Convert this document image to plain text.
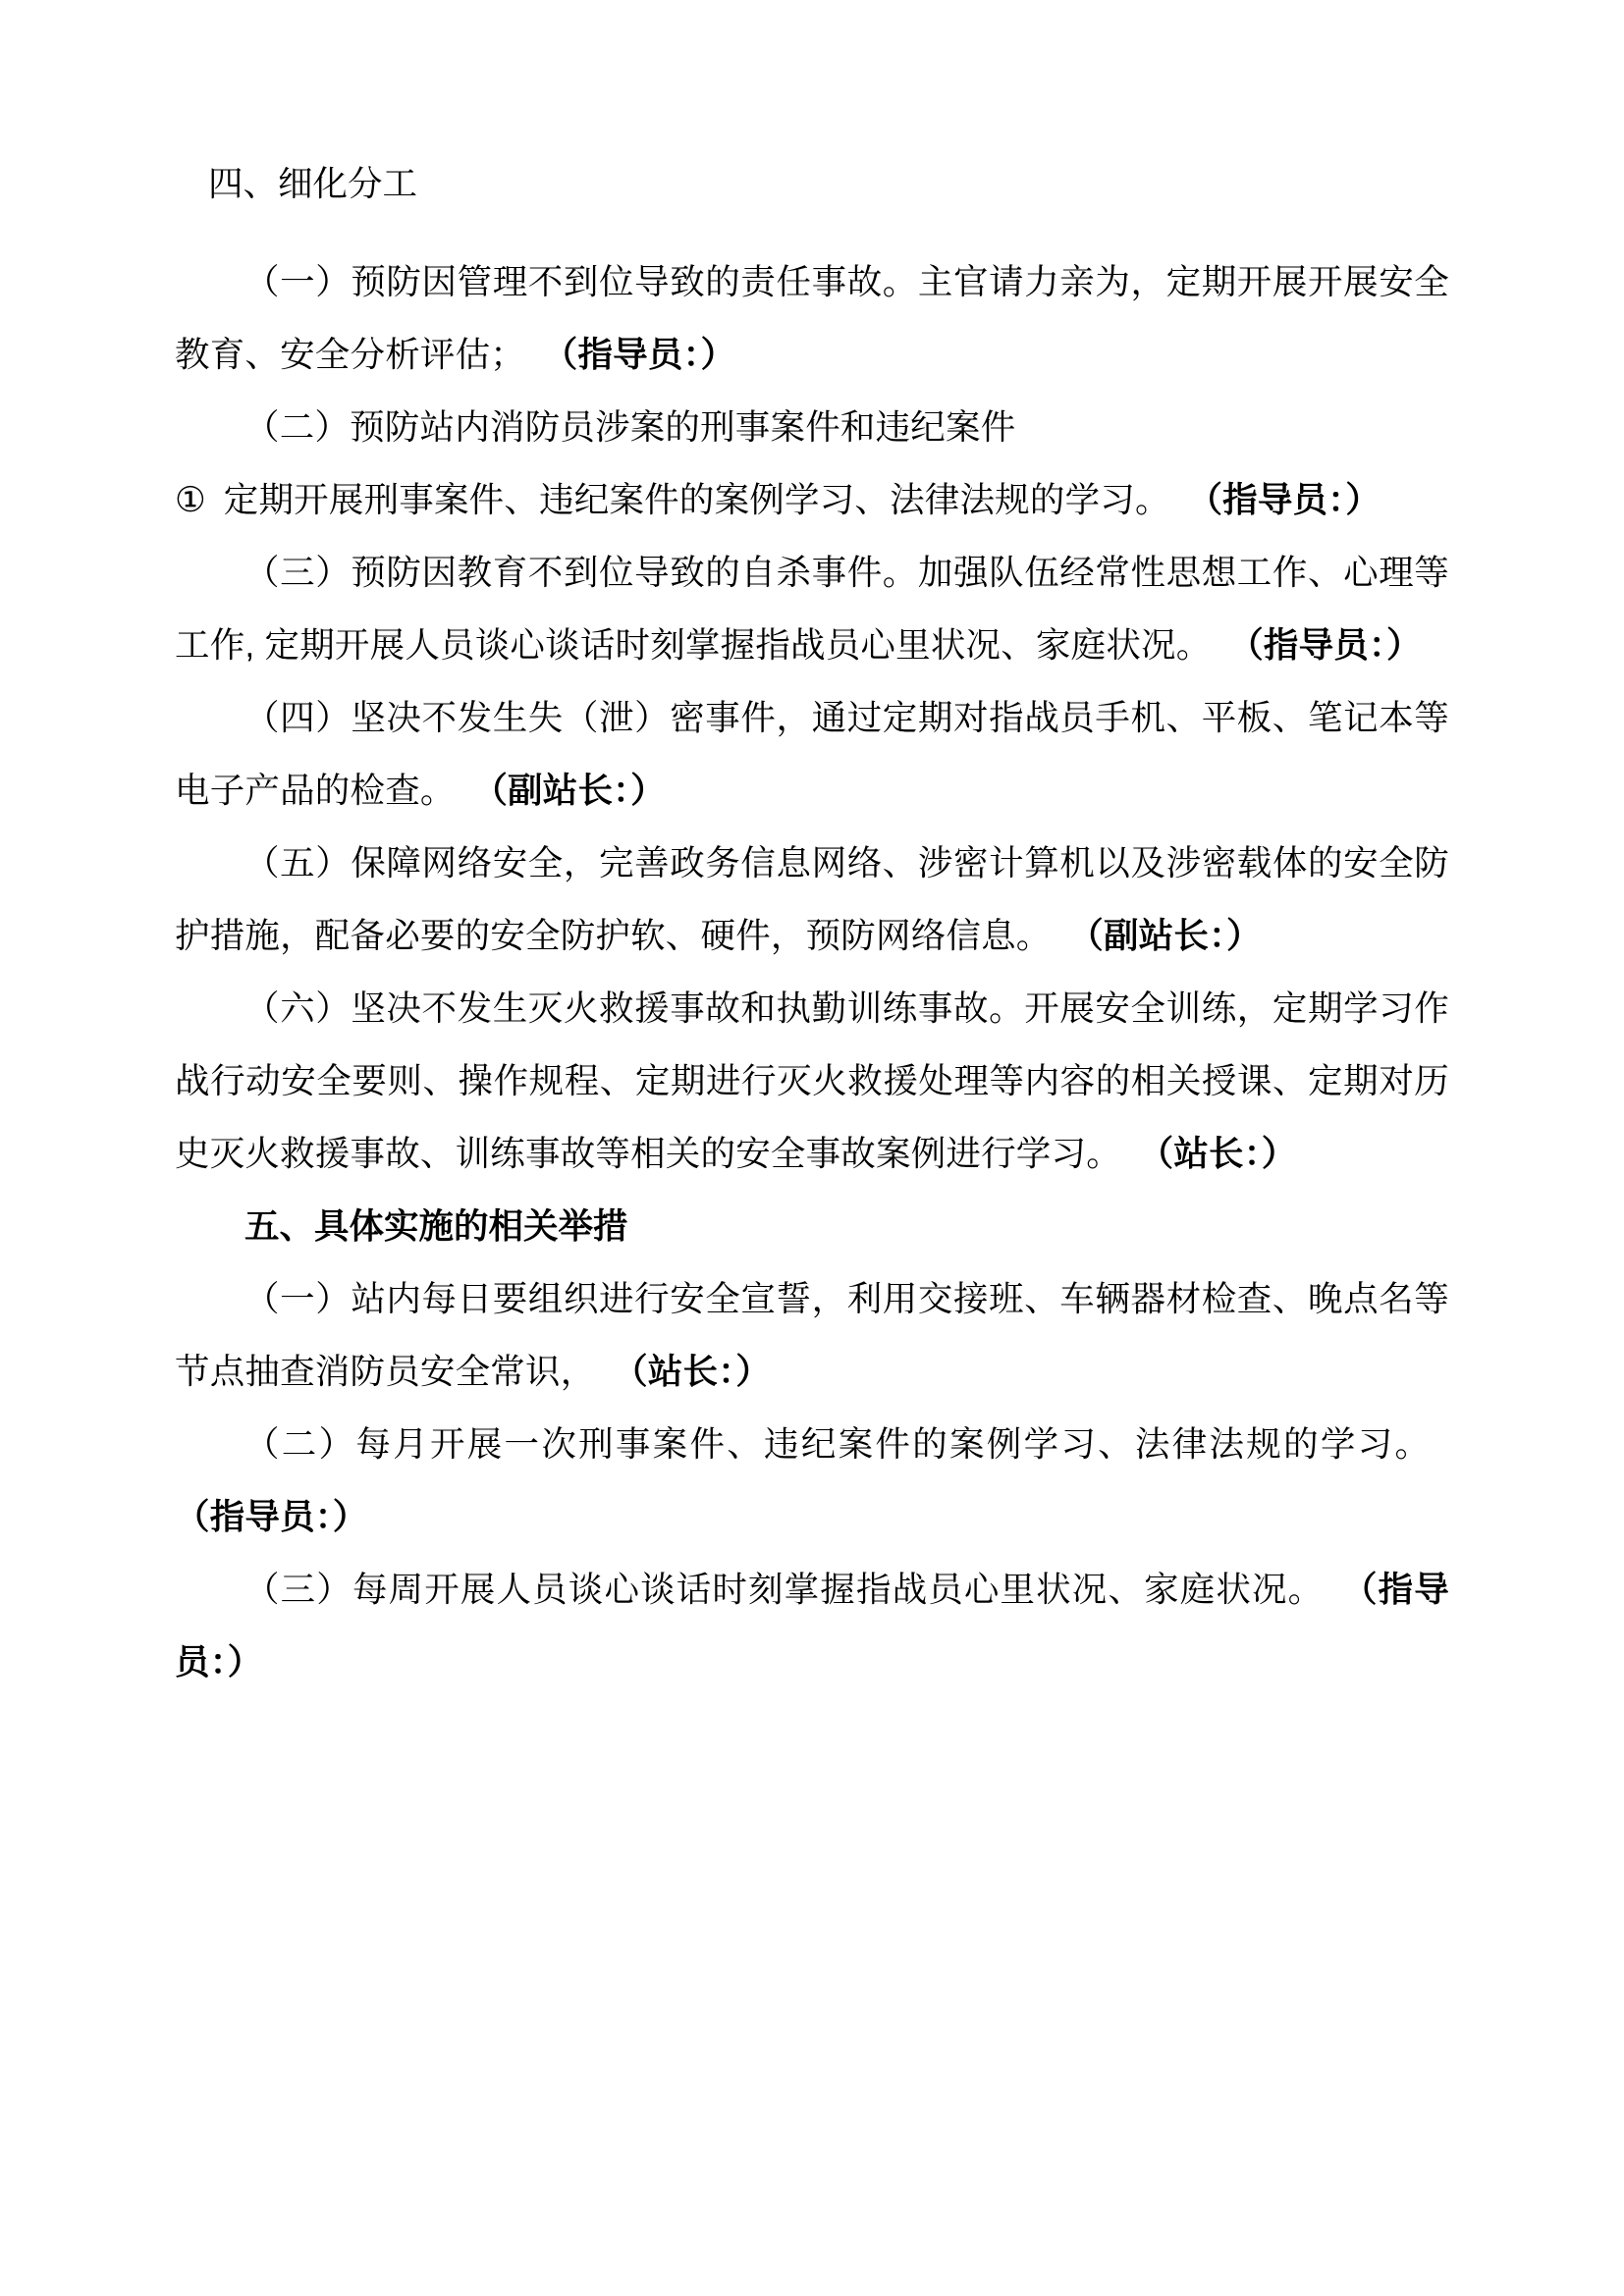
四、细化分工

（一）预防因管理不到位导致的责任事故。主官请力亲为，定期开展开展安全教育、安全分析评估； （指导员：）

（二）预防站内消防员涉案的刑事案件和违纪案件

① 定期开展刑事案件、违纪案件的案例学习、法律法规的学习。 （指导员：）

（三）预防因教育不到位导致的自杀事件。加强队伍经常性思想工作、心理等工作, 定期开展人员谈心谈话时刻掌握指战员心里状况、家庭状况。 （指导员：）

（四）坚决不发生失（泄）密事件，通过定期对指战员手机、平板、笔记本等电子产品的检查。 （副站长：）

（五）保障网络安全，完善政务信息网络、涉密计算机以及涉密载体的安全防护措施，配备必要的安全防护软、硬件，预防网络信息。 （副站长：）

（六）坚决不发生灭火救援事故和执勤训练事故。开展安全训练，定期学习作战行动安全要则、操作规程、定期进行灭火救援处理等内容的相关授课、定期对历史灭火救援事故、训练事故等相关的安全事故案例进行学习。 （站长：）

五、具体实施的相关举措

（一）站内每日要组织进行安全宣誓，利用交接班、车辆器材检查、晚点名等节点抽查消防员安全常识， （站长：）

（二）每月开展一次刑事案件、违纪案件的案例学习、法律法规的学习。（指导员：）

（三）每周开展人员谈心谈话时刻掌握指战员心里状况、家庭状况。 （指导员：）
